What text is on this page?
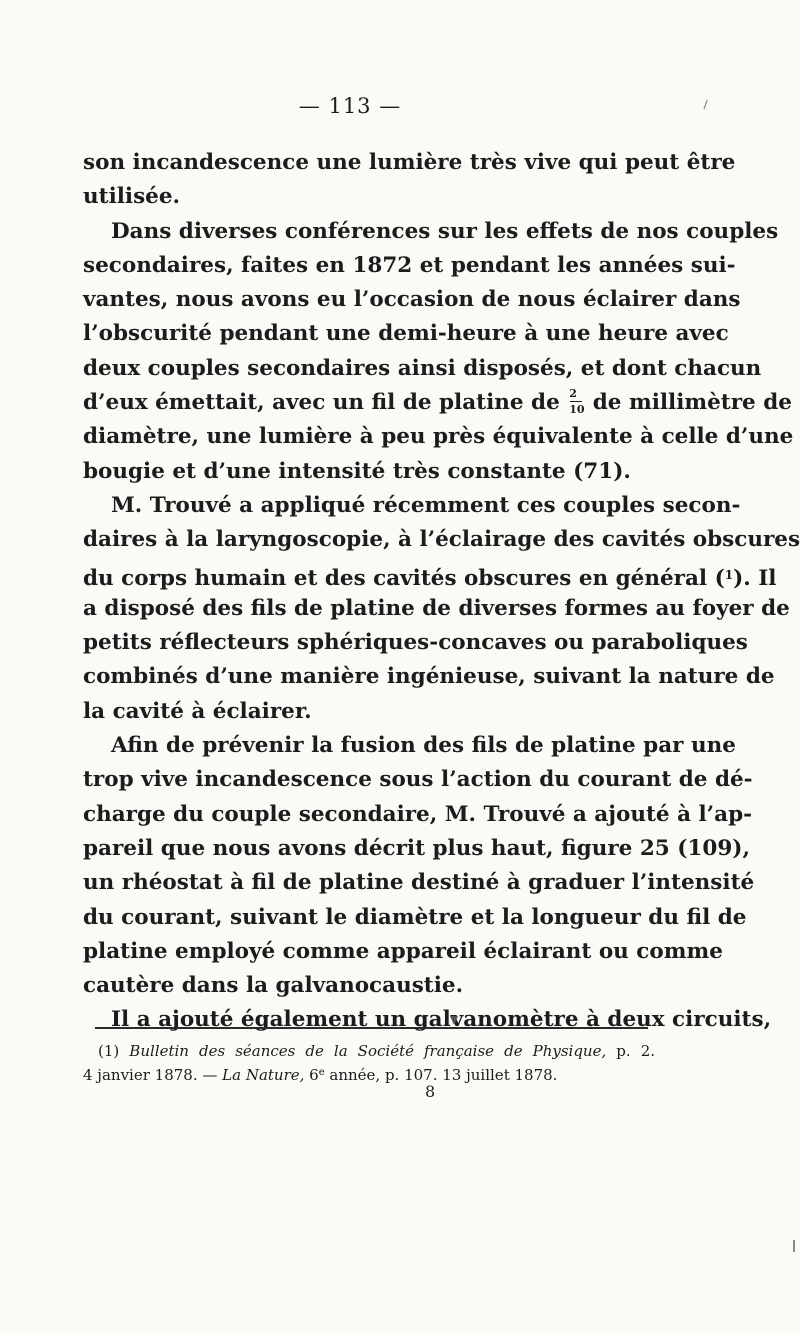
— 113 —
son incandescence une lumière très vive qui peut être
utilisée.
Dans diverses conférences sur les effets de nos couples
secondaires, faites en 1872 et pendant les années sui-
vantes, nous avons eu l’occasion de nous éclairer dans
l’obscurité pendant une demi-heure à une heure avec
deux couples secondaires ainsi disposés, et dont chacun
d’eux émettait, avec un fil de platine de $\frac{2}{10}$ de millimètre de
diamètre, une lumière à peu près équivalente à celle d’une
bougie et d’une intensité très constante (71).
M. Trouvé a appliqué récemment ces couples secon-
daires à la laryngoscopie, à l’éclairage des cavités obscures
du corps humain et des cavités obscures en général ($^1$). Il
a disposé des fils de platine de diverses formes au foyer de
petits réflecteurs sphériques-concaves ou paraboliques
combinés d’une manière ingénieuse, suivant la nature de
la cavité à éclairer.
Afin de prévenir la fusion des fils de platine par une
trop vive incandescence sous l’action du courant de dé-
charge du couple secondaire, M. Trouvé a ajouté à l’ap-
pareil que nous avons décrit plus haut, figure 25 (109),
un rhéostat à fil de platine destiné à graduer l’intensité
du courant, suivant le diamètre et la longueur du fil de
platine employé comme appareil éclairant ou comme
cautère dans la galvanocaustie.
Il a ajouté également un galvanomètre à deux circuits,
(1) Bulletin des séances de la Société française de Physique, p. 2.
4 janvier 1878. — La Nature, 6e année, p. 107. 13 juillet 1878.
8
